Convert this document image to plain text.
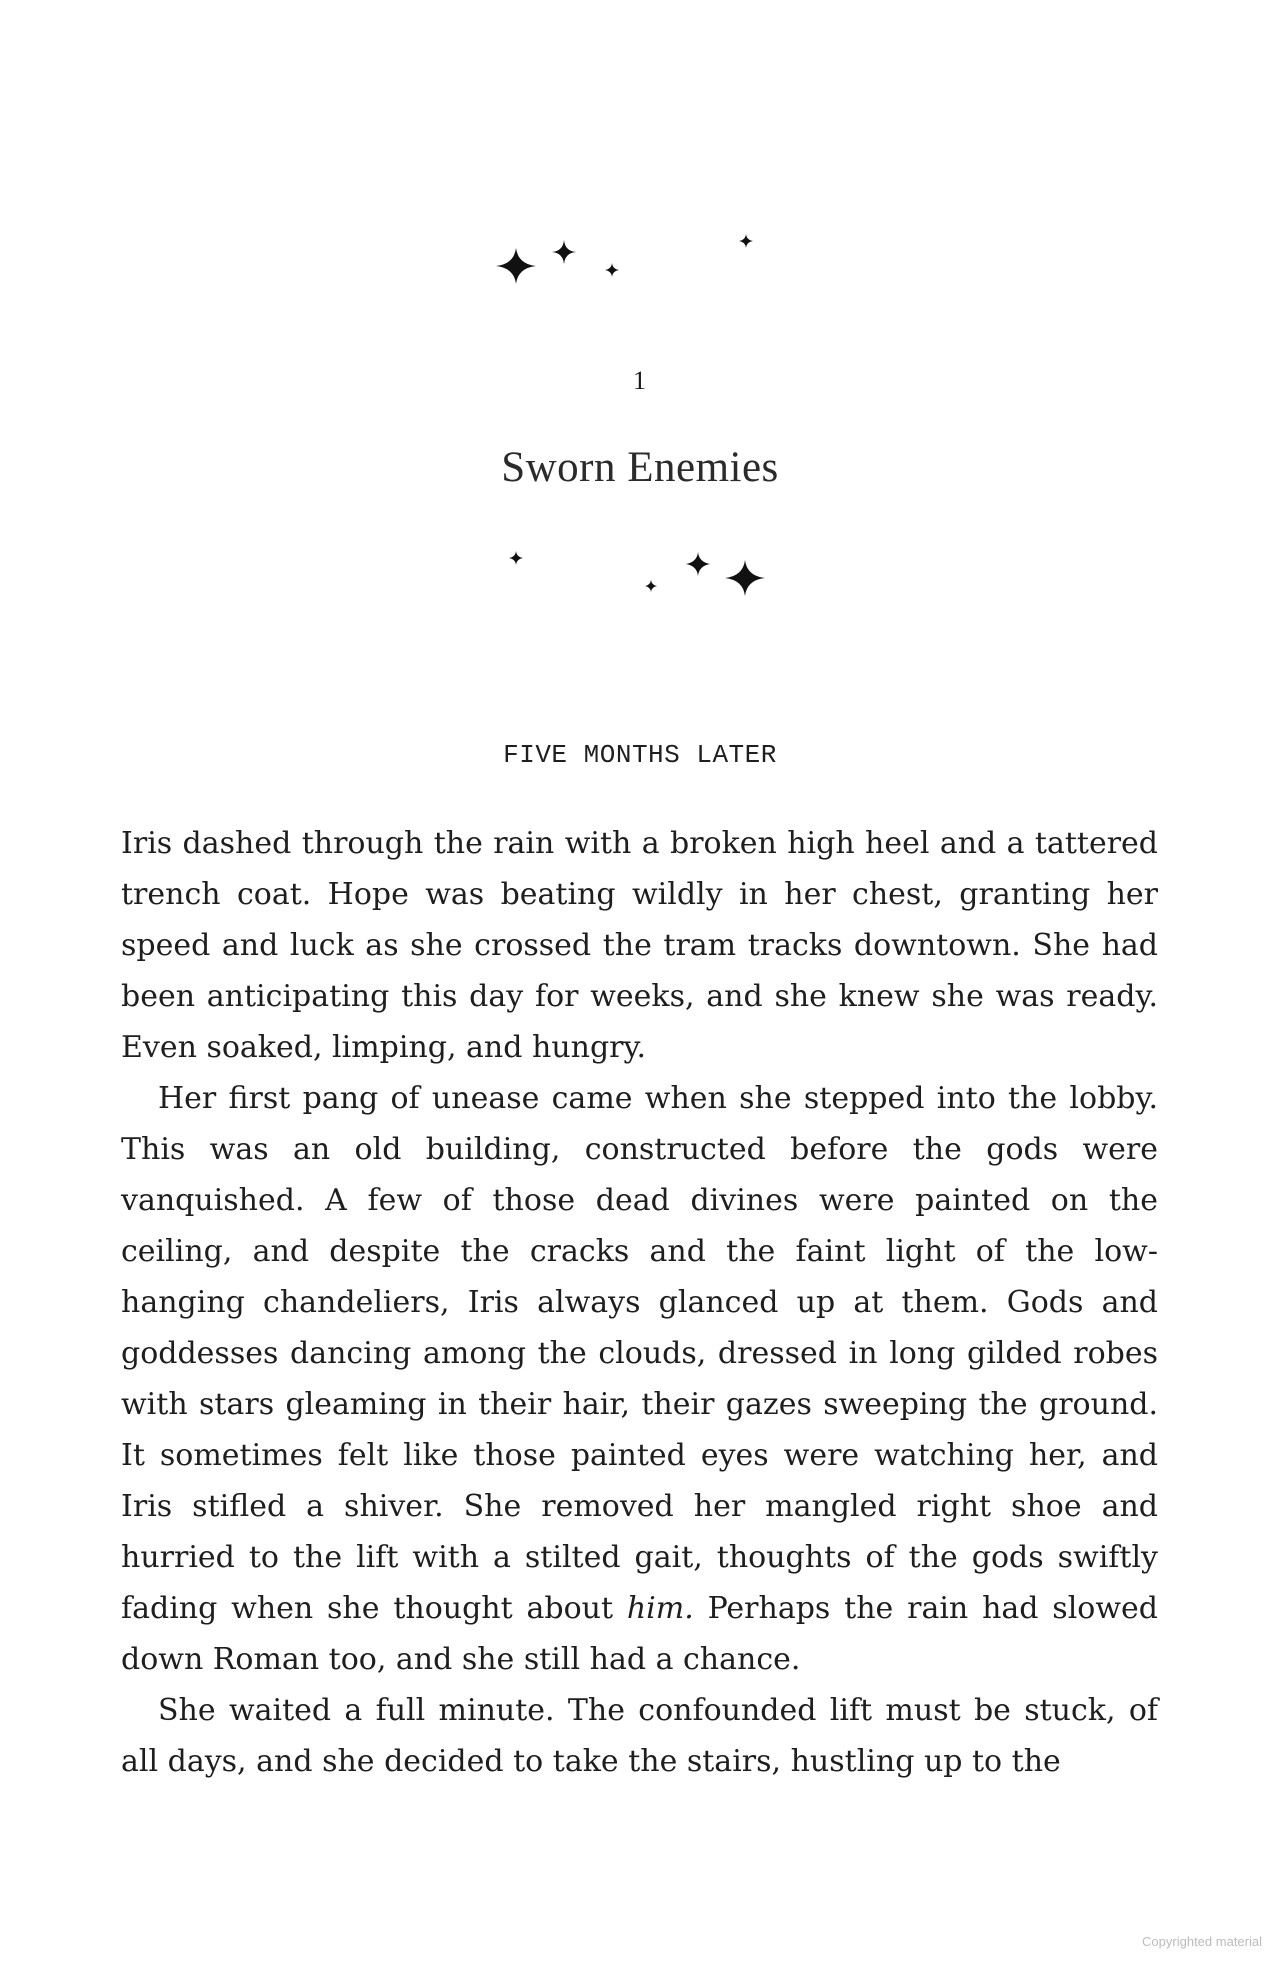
1
Sworn Enemies
FIVE MONTHS LATER

Iris dashed through the rain with a broken high heel and a tattered trench coat. Hope was beating wildly in her chest, granting her speed and luck as she crossed the tram tracks downtown. She had been anticipating this day for weeks, and she knew she was ready. Even soaked, limping, and hungry.

Her first pang of unease came when she stepped into the lobby. This was an old building, constructed before the gods were vanquished. A few of those dead divines were painted on the ceiling, and despite the cracks and the faint light of the low-hanging chandeliers, Iris always glanced up at them. Gods and goddesses dancing among the clouds, dressed in long gilded robes with stars gleaming in their hair, their gazes sweeping the ground. It sometimes felt like those painted eyes were watching her, and Iris stifled a shiver. She removed her mangled right shoe and hurried to the lift with a stilted gait, thoughts of the gods swiftly fading when she thought about him. Perhaps the rain had slowed down Roman too, and she still had a chance.

She waited a full minute. The confounded lift must be stuck, of all days, and she decided to take the stairs, hustling up to the

Copyrighted material
